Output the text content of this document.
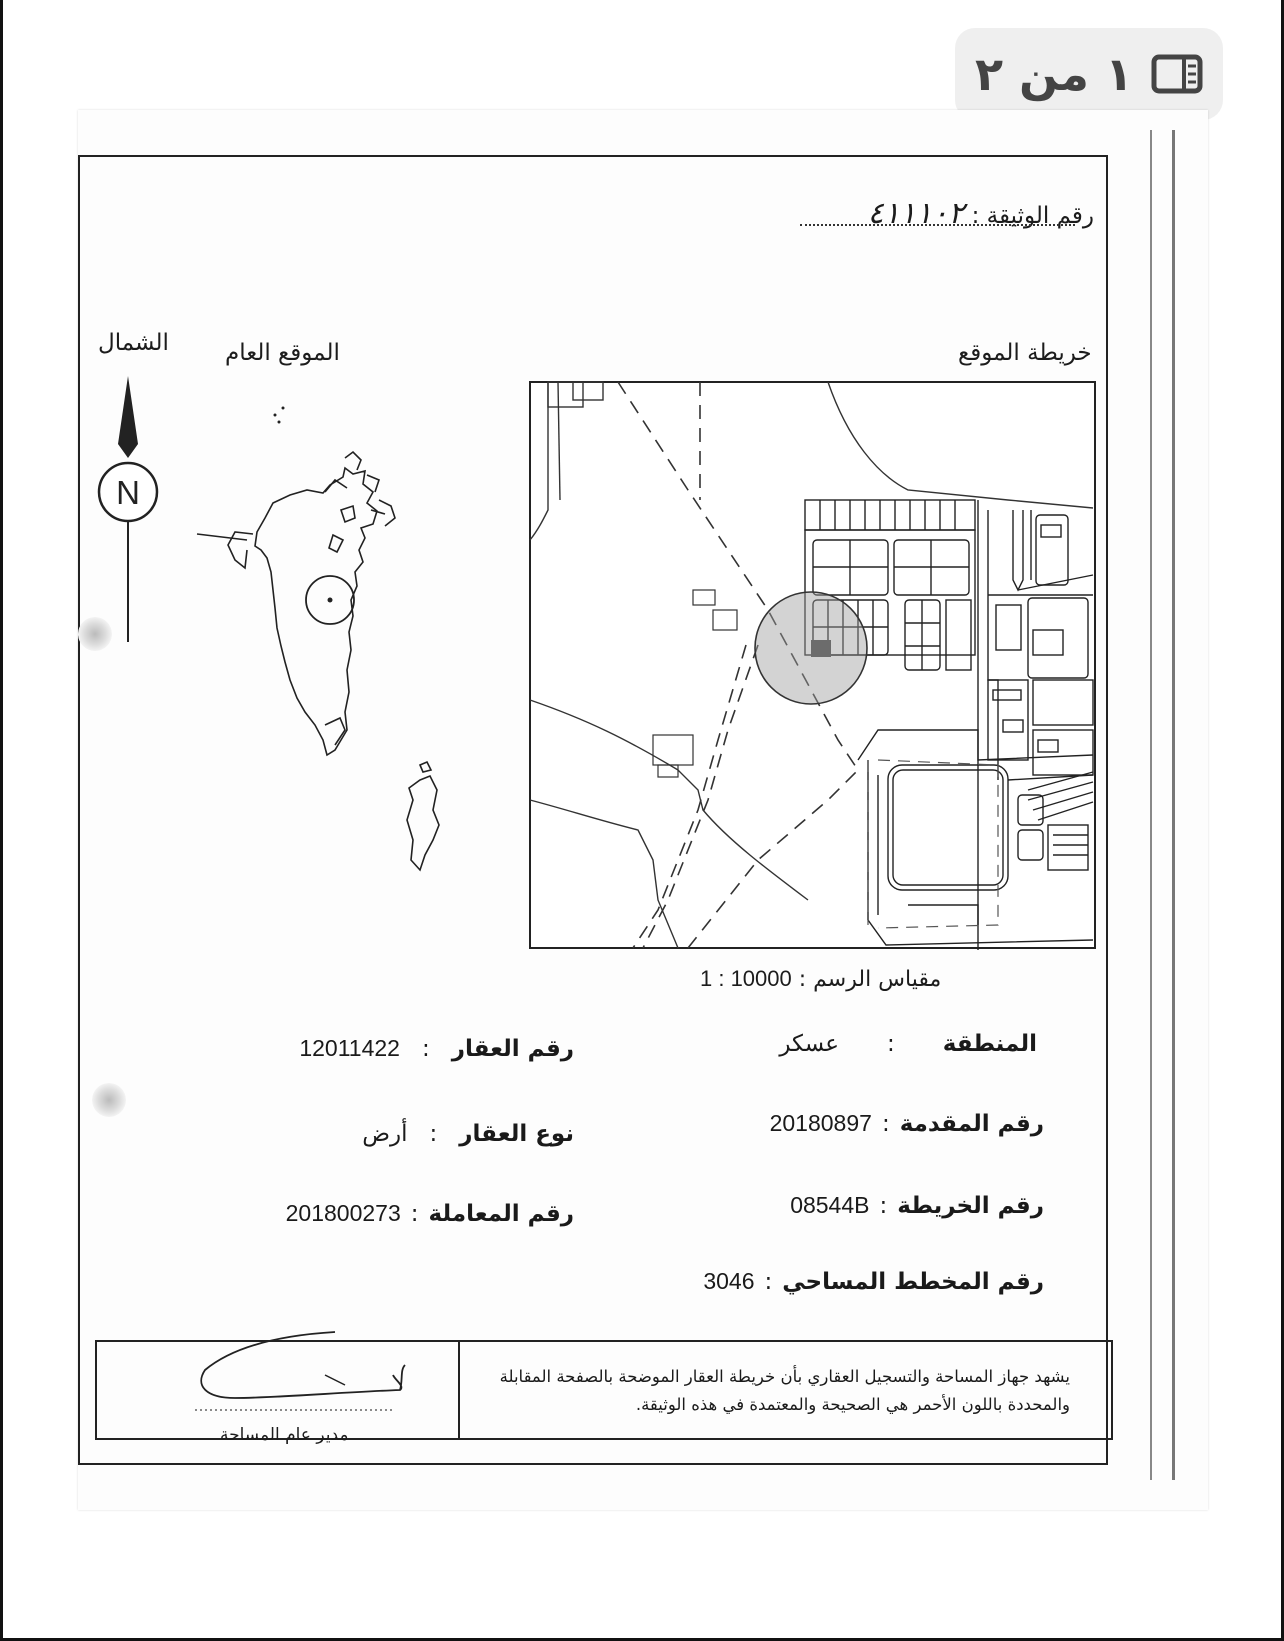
١ من ٢
رقم الوثيقة : ٤١١١٠٢
الشمال الموقع العام	خريطة الموقع
N
مقياس الرسم : 1 : 10000
المنطقة:عسكر
رقم العقار:12011422
رقم المقدمة:20180897
نوع العقار:أرض
رقم الخريطة:08544B
رقم المعاملة:201800273
رقم المخطط المساحي:3046
يشهد جهاز المساحة والتسجيل العقاري بأن خريطة العقار الموضحة بالصفحة المقابلة والمحددة باللون الأحمر هي الصحيحة والمعتمدة في هذه الوثيقة.
مدير عام المساحة
